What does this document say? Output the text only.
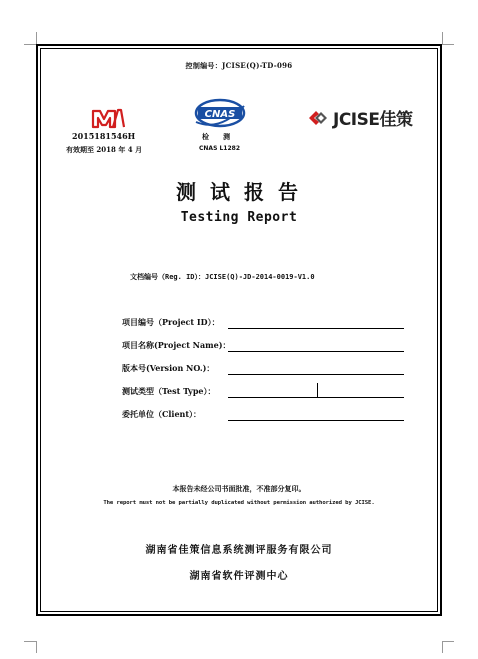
控制编号：JCISE(Q)-TD-096
CNAS	JCISE佳策
2015181546H
有效期至 2018 年 4 月
检测
CNAS L1282
测试报告
Testing Report
文档编号（Reg. ID）：JCISE(Q)-JD-2014-0019-V1.0
项目编号（Project ID）：
项目名称(Project Name)：
版本号(Version NO.)：
测试类型（Test Type）：
委托单位（Client）：
本报告未经公司书面批准，不准部分复印。
The report must not be partially duplicated without permission authorized by JCISE.
湖南省佳策信息系统测评服务有限公司
湖南省软件评测中心
